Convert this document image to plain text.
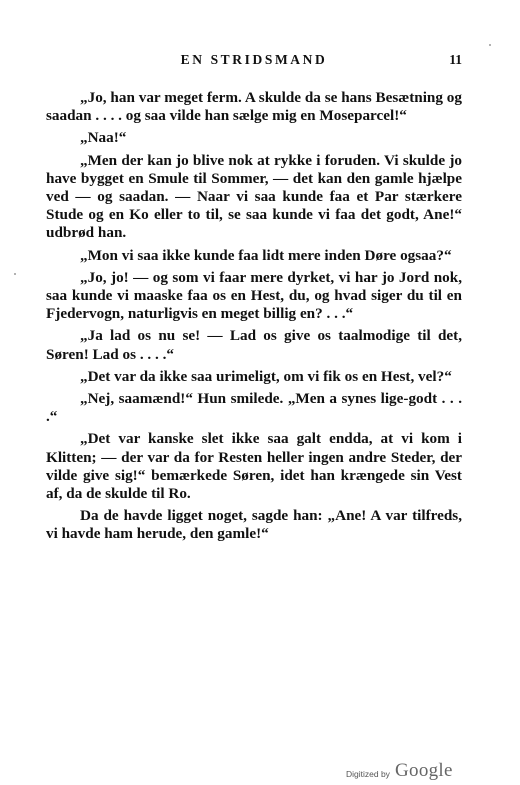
EN STRIDSMAND	11

„Jo, han var meget ferm. A skulde da se hans Besætning og saadan . . . . og saa vilde han sælge mig en Moseparcel!“

„Naa!“

„Men der kan jo blive nok at rykke i foruden. Vi skulde jo have bygget en Smule til Sommer, — det kan den gamle hjælpe ved — og saadan. — Naar vi saa kunde faa et Par stærkere Stude og en Ko eller to til, se saa kunde vi faa det godt, Ane!“ udbrød han.

„Mon vi saa ikke kunde faa lidt mere inden Døre ogsaa?“

„Jo, jo! — og som vi faar mere dyrket, vi har jo Jord nok, saa kunde vi maaske faa os en Hest, du, og hvad siger du til en Fjedervogn, naturligvis en meget billig en? . . .“

„Ja lad os nu se! — Lad os give os taalmodige til det, Søren! Lad os . . . .“

„Det var da ikke saa urimeligt, om vi fik os en Hest, vel?“

„Nej, saamænd!“ Hun smilede. „Men a synes lige-godt . . . .“

„Det var kanske slet ikke saa galt endda, at vi kom i Klitten; — der var da for Resten heller ingen andre Steder, der vilde give sig!“ bemærkede Søren, idet han krængede sin Vest af, da de skulde til Ro.

Da de havde ligget noget, sagde han: „Ane! A var tilfreds, vi havde ham herude, den gamle!“

Digitized by Google
